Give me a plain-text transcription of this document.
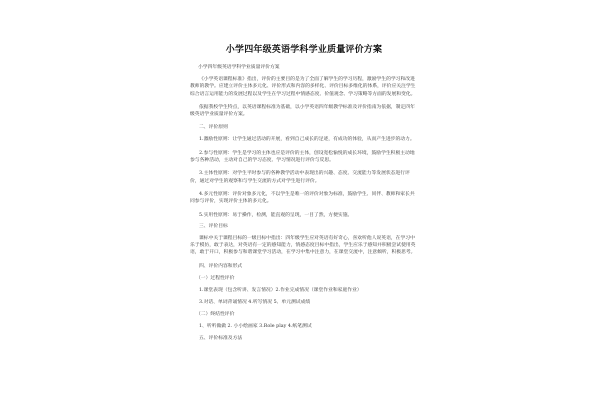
小学四年级英语学科学业质量评价方案
小学四年级英语学科学业质量评价方案

《小学英语课程标准》指出，评价的主要目的是为了全面了解学生的学习历程，激励学生的学习和改进教师的教学。应建立评价主体多元化、评价形式和内容的多样化、评价目标多维化的体系，评价应关注学生综合语言运用能力的发展过程以及学生在学习过程中情感态度、价值观念、学习策略等方面的发展和变化。

依据我校学生特点，以英语课程标准为基础，以小学英语四年级教学标准及评价指南为依据，制定四年级英语学业质量评价方案。

二、评价原则

1.激励性原则：让学生通过活动的开展，看到自己成长的足迹，有成功的体验，从而产生进步的动力。

2.参与性原则：学生是学习的主体也应是评价的主体，创设宽松愉悦的成长环境，鼓励学生积极主动地参与各种活动，主动对自己的学习态度、学习情况进行评价与反思。

3.主体性原则：对学生平时参与的各种教学活动中表现出的兴趣、态度、交流能力等发展状态进行评价，通过对学生的观察和与学生交流的方式对学生进行评价。

4.多元性原则：评价对象多元化，不以学生是唯一的评价对象为标准，鼓励学生、同伴、教师和家长共同参与评价，实现评价主体的多元化。

5.实用性原则：易于操作，检测，能直观的呈现，一目了然，方便实施。

三、评价目标

课标中关于课程目标的一级目标中指出：四年级学生应对英语有好奇心，喜欢听他人说英语，在学习中乐于模仿，敢于表达，对英语有一定的感知能力，情感态度目标中指出，学生应乐于感知并积极尝试使用英语，敢于开口，积极参与和谐课堂学习活动，在学习中集中注意力，在课堂交流中，注意倾听，积极思考。

四、评价内容和形式
（一）过程性评价
1.课堂表现（包含听讲、发言情况）2.作业完成情况（课堂作业和家庭作业）
3.对话、单词背诵情况 4.听写情况 5、单元测试成绩
（二）终结性评价
1、听听做做 2. 小小绘画家 3.Role play 4.纸笔测试
五、评价标准及方法
